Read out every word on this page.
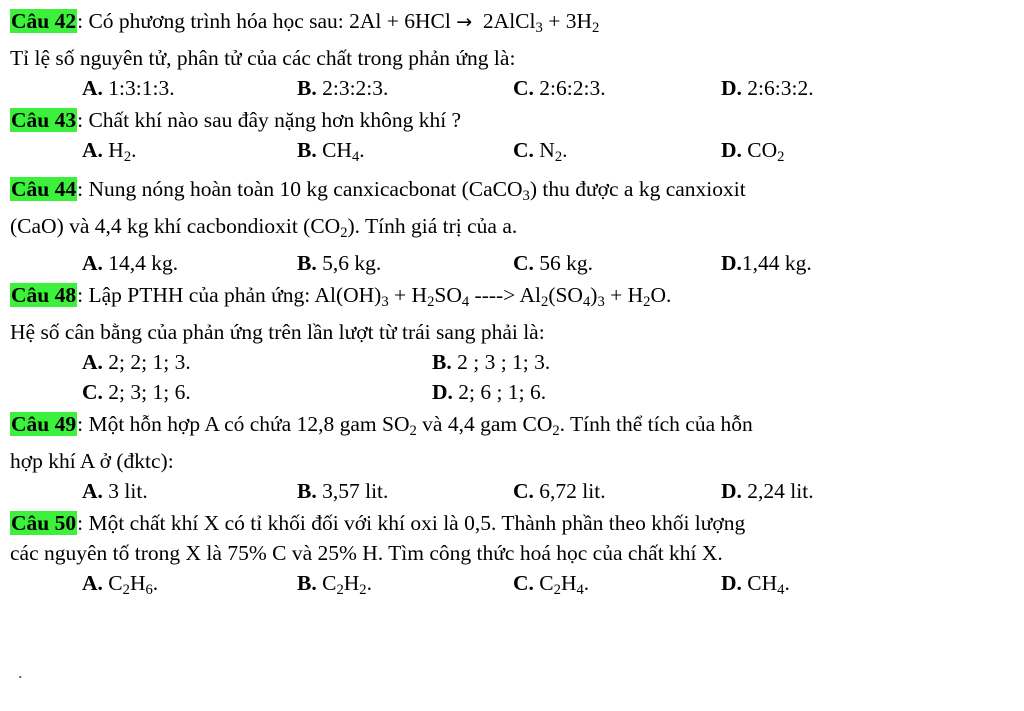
Câu 42: Có phương trình hóa học sau: 2Al + 6HCl → 2AlCl$_3$ + $3H_2$
Tỉ lệ số nguyên tử, phân tử của các chất trong phản ứng là:
A. 1:3:1:3.	B. 2:3:2:3.	C. 2:6:2:3.	D. 2:6:3:2.
Câu 43: Chất khí nào sau đây nặng hơn không khí ?
A. $H_2$.	B. $CH_4$.	C. $N_2$.	D. $CO_2$
Câu 44: Nung nóng hoàn toàn 10 kg canxicacbonat (CaCO$_3$) thu được a kg canxioxit
(CaO) và 4,4 kg khí cacbondioxit $(CO_2)$. Tính giá trị của a.
A. 14,4 kg.	B. 5,6 kg.	C. 56 kg.	D.1,44 kg.
Câu 48: Lập PTHH của phản ứng: $Al(OH)_3 + H_2SO_4$ ----> $Al_2(SO_4)_3 + H_2O$.
Hệ số cân bằng của phản ứng trên lần lượt từ trái sang phải là:
A. 2; 2; 1; 3.	B. 2 ; 3 ; 1; 3.
C. 2; 3; 1; 6.	D. 2; 6 ; 1; 6.
Câu 49: Một hỗn hợp A có chứa 12,8 gam $SO_2$ và 4,4 gam $CO_2$. Tính thể tích của hỗn
hợp khí A ở (đktc):
A. 3 lit.	B. 3,57 lit.	C. 6,72 lit.	D. 2,24 lit.
Câu 50: Một chất khí X có tỉ khối đối với khí oxi là 0,5. Thành phần theo khối lượng
các nguyên tố trong X là 75% C và 25% H. Tìm công thức hoá học của chất khí X.
A. $C_2H_6$.	B. $C_2H_2$.	C. $C_2H_4$.	D. $CH_4$.
.
